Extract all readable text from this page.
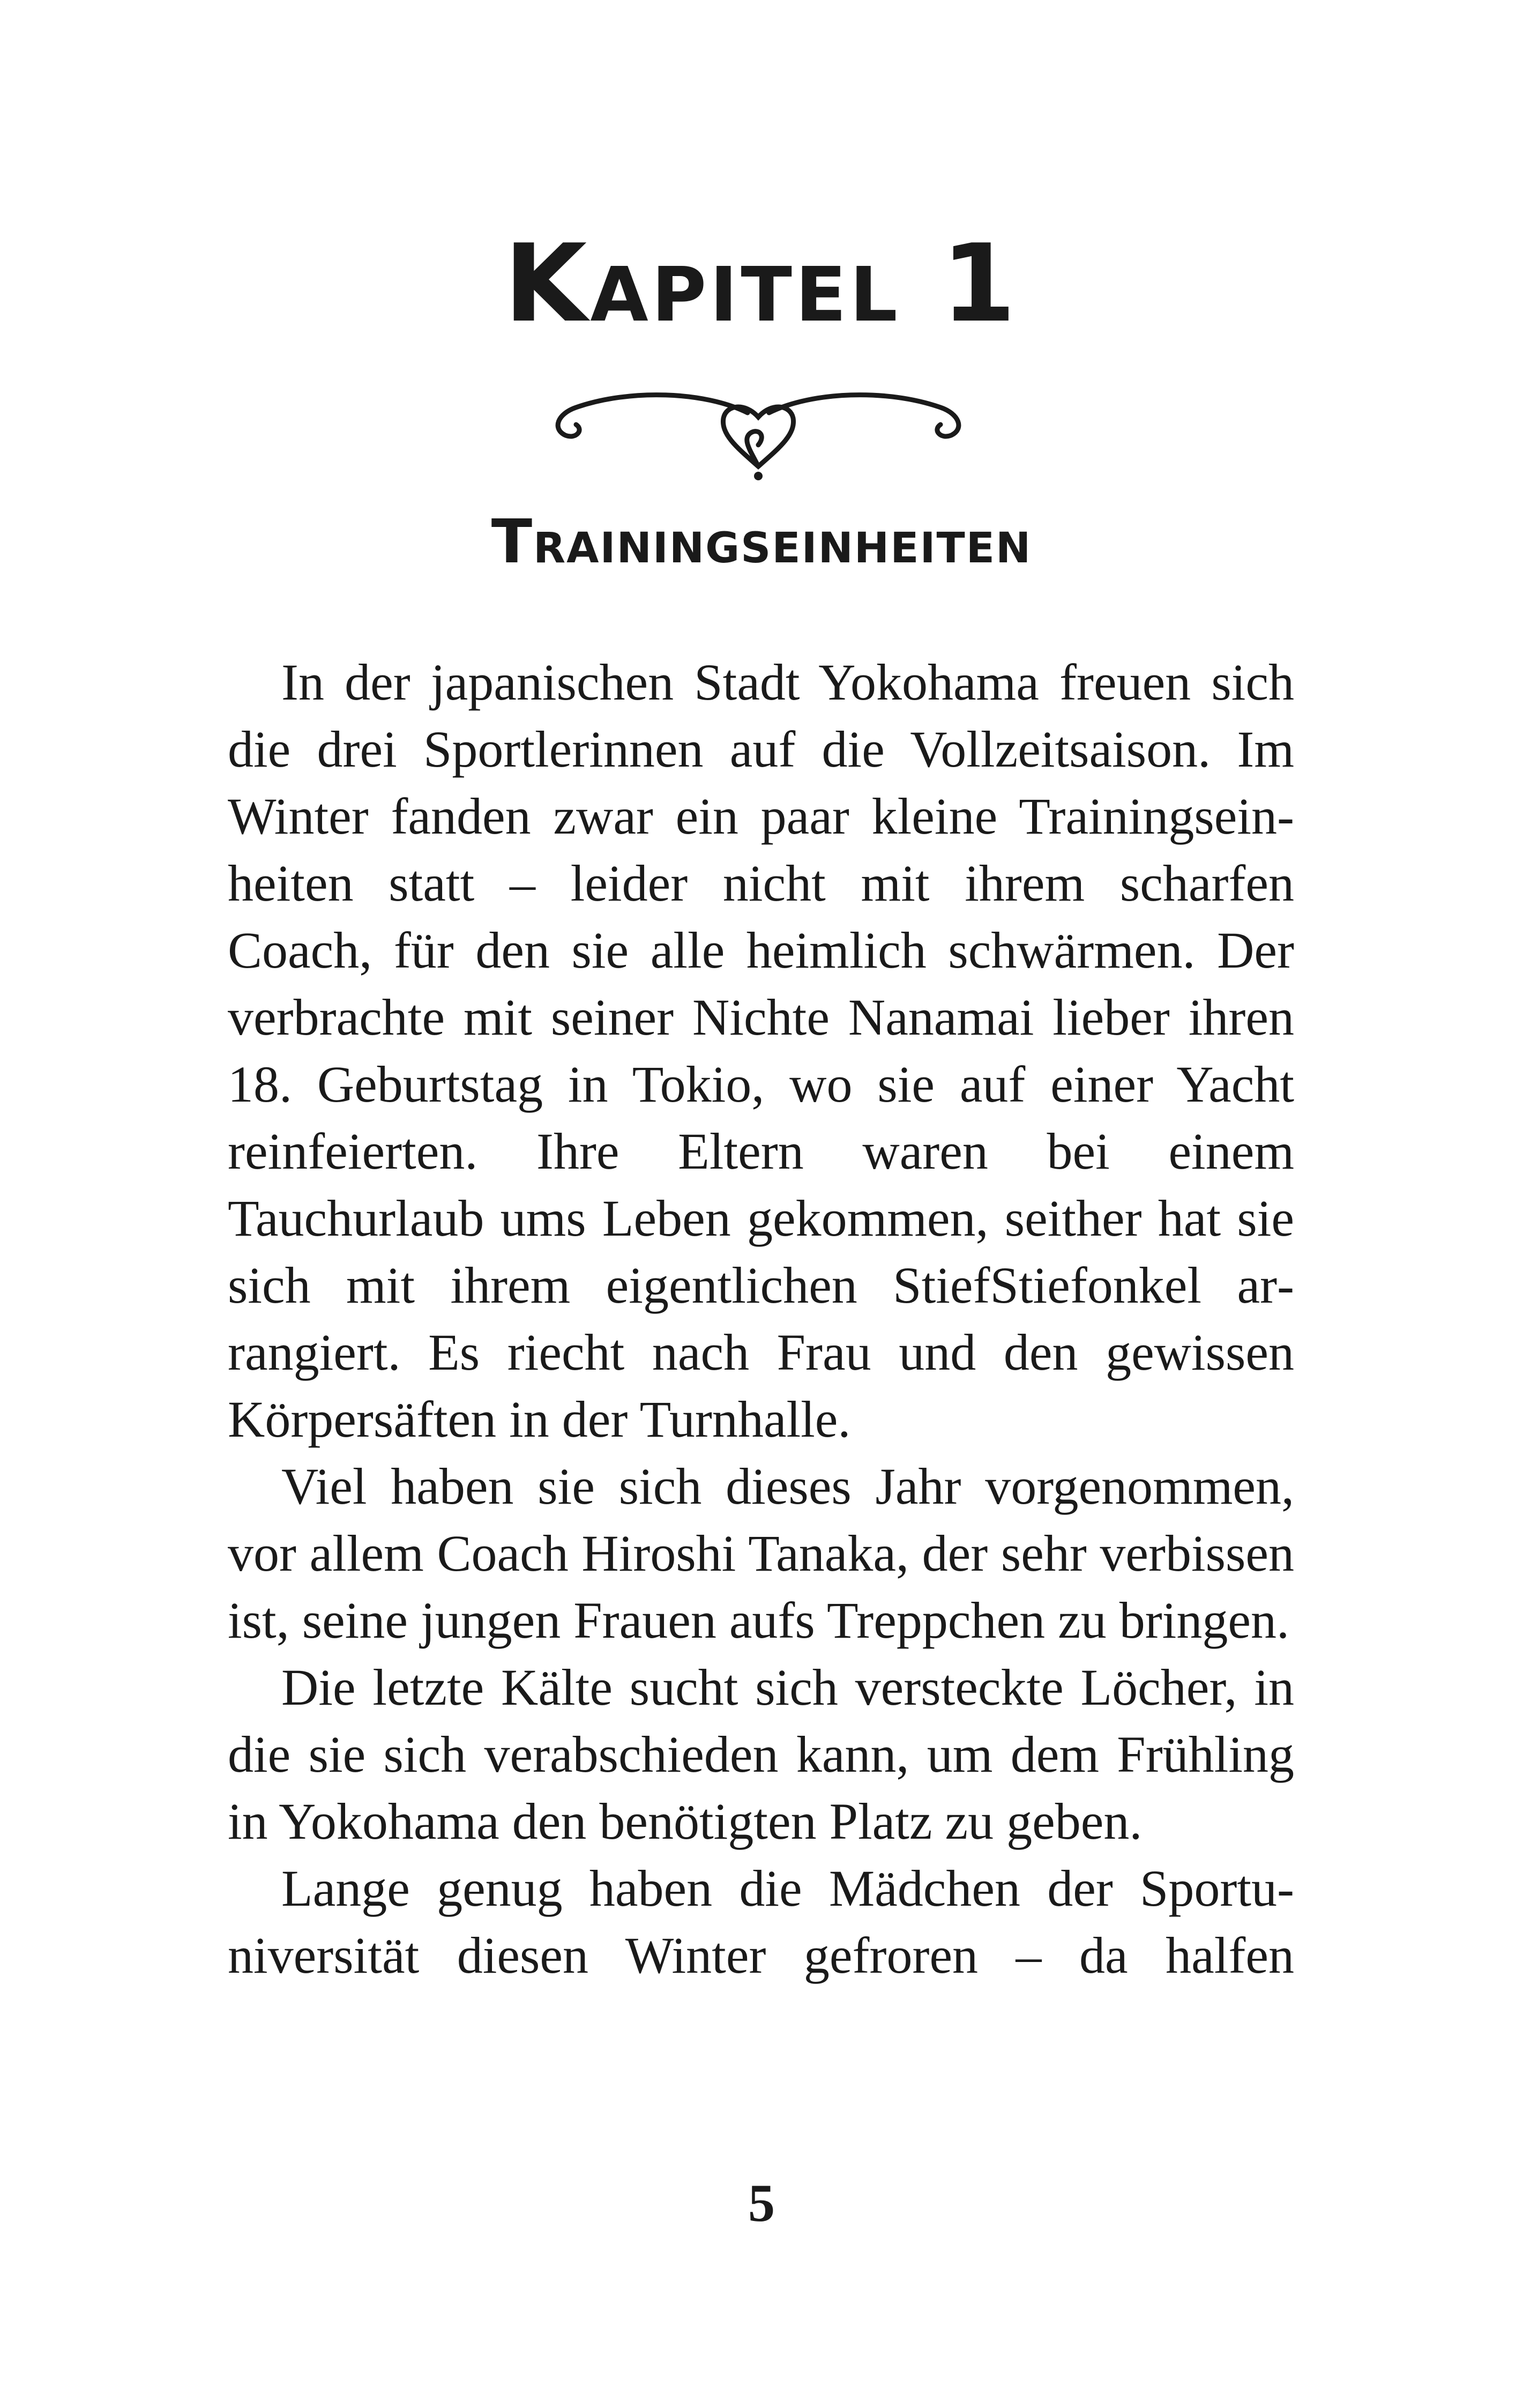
Kapitel 1
Trainingseinheiten

In der japanischen Stadt Yokohama freuen sich die drei Sportlerinnen auf die Vollzeitsaison. Im Winter fanden zwar ein paar kleine Trainingseinheiten statt – leider nicht mit ihrem scharfen Coach, für den sie alle heimlich schwärmen. Der verbrachte mit seiner Nichte Nanamai lieber ihren 18. Geburtstag in Tokio, wo sie auf einer Yacht reinfeierten. Ihre Eltern waren bei einem Tauchurlaub ums Leben gekommen, seither hat sie sich mit ihrem eigentlichen StiefStiefonkel arrangiert. Es riecht nach Frau und den gewissen Körpersäften in der Turnhalle.

Viel haben sie sich dieses Jahr vorgenommen, vor allem Coach Hiroshi Tanaka, der sehr verbissen ist, seine jungen Frauen aufs Treppchen zu bringen.

Die letzte Kälte sucht sich versteckte Löcher, in die sie sich verabschieden kann, um dem Frühling in Yokohama den benötigten Platz zu geben.

Lange genug haben die Mädchen der Sportuniversität diesen Winter gefroren – da halfen

5
